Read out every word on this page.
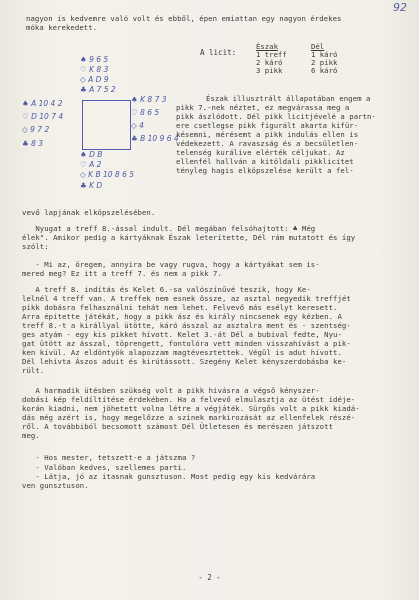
92
nagyon is kedvemre való volt és ebből, épen emiattan egy nagyon érdekes
móka kerekedett.
A licit:
Észak	Dél
1 treff
2 káró
3 pikk
1 káró
2 pikk
6 káró
♠ 9 6 5
♡ K 8 3
◇ A D 9
♣ A 7 5 2
♠ A 10 4 2
♡ D 10 7 4
◇ 9 7 2
♣ 8 3
♠ K 8 7 3
♡ 8 6 5
◇ 4
♣ B 10 9 6 4
♠ D B
♡ A 2
◇ K B 10 8 6 5
♣ K D
Észak illusztrált állapotában engem a
pikk 7.-nek néztet, ez megvárassa meg a
pikk ászlódott. Dél pikk licitjévelé a partn-
ere csetlegse pikk figurált akarta kifür-
késemni, mérésemt a pikk indulás ellen is
védekezett. A ravaszság és a becsületlen-
telenség kurálive elérték céljukat. Az
ellenfél hallván a kitöldali pikklicitet
tényleg hagis elköpszelése került a fel-
vevő lapjának elköpszelésében.
Nyugat a treff 8.-ással indult. Dél megában felsóhajtott: ♣ Még
élek". Amikor pedig a kártyáknak Észak leterítette, Dél rám mutatott és így
szólt:
- Mi az, öregem, annyira be vagy rugva, hogy a kártyákat sem is-
mered meg? Ez itt a treff 7. és nem a pikk 7.
A treff 8. indítás és Kelet 6.-sa valószínűvé teszik, hogy Ke-
lelnél 4 treff van. A treffek nem esnek össze, az asztal negyedik treffjét
pikk dobásra felhasználni tehát nem lehet. Felvevő más esélyt keresett.
Arra építette játékát, hogy a pikk ász és király nincsenek egy kézben. A
treff 8.-t a királlyal ütötte, káró ásszal az asztalra ment és - szentség-
ges atyám - egy kis pikket hívott. Kelet 3.-át Dél a bubival fedte, Nyu-
gat ütött az ásszal, töprengett, fontolóra vett minden visszahívást a pik-
ken kívül. Az eldöntyök alapozzam magtévesztettek. Végül is adut hívott.
Dél lehívta Ászos aduit és kirútássott. Szegény Kelet kényszerdobásba ke-
rült.
A harmadik ütésben szükség volt a pikk hivásra a végső kényszer-
dobási kép feldíltítése érdekében. Ha a felvevő elmulasztja az ütést idéje-
korán kiadni, nem jöhetett volna létre a végjáték. Sürgős volt a pikk kiadá-
dás még azért is, hogy megelőzze a szinek markirozását az ellenfelek részé-
ről. A továbbiból becsomott számost Dél Ütletesen és merészen játszott
meg.
- Hos mester, tetszett-e a játszma ?
- Valóban kedves, szellemes parti.
- Látja, jó az itasnak gunsztuson. Most pedig egy kis kedvárára
ven gunsztuson.
- 2 -
